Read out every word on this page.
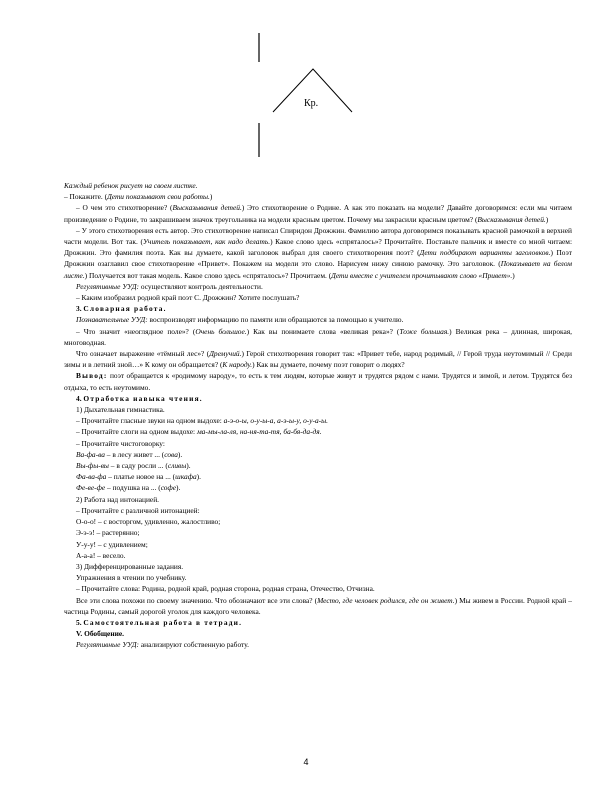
Кр.

Каждый ребенок рисует на своем листке.

– Покажите. (Дети показывают свои работы.)

– О чем это стихотворение? (Высказывания детей.) Это стихотворение о Родине. А как это показать на модели? Давайте договоримся: если мы читаем произведение о Родине, то закрашиваем значок треугольника на модели красным цветом. Почему мы закрасили красным цветом? (Высказывания детей.)

– У этого стихотворения есть автор. Это стихотворение написал Спиридон Дрожжин. Фамилию автора договоримся показывать красной рамочкой в верхней части модели. Вот так. (Учитель показывает, как надо делать.) Какое слово здесь «спряталось»? Прочитайте. Поставьте пальчик и вместе со мной читаем: Дрожжин. Это фамилия поэта. Как вы думаете, какой заголовок выбрал для своего стихотворения поэт? (Дети подбирают варианты заголовков.) Поэт Дрожжин озаглавил свое стихотворение «Привет». Покажем на модели это слово. Нарисуем нижу синюю рамочку. Это заголовок. (Показывает на белом листе.) Получается вот такая модель. Какое слово здесь «спряталось»? Прочитаем. (Дети вместе с учителем прочитывают слово «Привет».)

Регулятивные УУД: осуществляют контроль деятельности.

– Каким изобразил родной край поэт С. Дрожжин? Хотите послушать?

3. Словарная работа.

Познавательные УУД: воспроизводят информацию по памяти или обращаются за помощью к учителю.

– Что значит «неоглядное поле»? (Очень большое.) Как вы понимаете слова «великая река»? (Тоже большая.) Великая река – длинная, широкая, многоводная.

Что означает выражение «тёмный лес»? (Дремучий.) Герой стихотворения говорит так: «Привет тебе, народ родимый, // Герой труда неутомимый // Среди зимы и в летний зной…» К кому он обращается? (К народу.) Как вы думаете, почему поэт говорит о людях?

Вывод: поэт обращается к «родимому народу», то есть к тем людям, которые живут и трудятся рядом с нами. Трудятся и зимой, и летом. Трудятся без отдыха, то есть неутомимо.

4. Отработка навыка чтения.

1) Дыхательная гимнастика.

– Прочитайте гласные звуки на одном выдохе: а-э-о-ы, о-у-ы-а, а-э-ы-у, о-у-а-ы.

– Прочитайте слоги на одном выдохе: ма-мы-ла-ля, на-ня-та-тя, ба-бя-да-дя.

– Прочитайте чистоговорку:

Ва-фа-ва – в лесу живет ... (сова).

Вы-фы-вы – в саду росли ... (сливы).

Фа-ва-фа – платье новое на ... (шкафа).

Фе-ве-фе – подушка на ... (софе).

2) Работа над интонацией.

– Прочитайте с различной интонацией:

О-о-о! – с восторгом, удивленно, жалостливо;

Э-э-э! – растерянно;

У-у-у! – с удивлением;

А-а-а! – весело.

3) Дифференцированные задания.

Упражнения в чтении по учебнику.

– Прочитайте слова: Родина, родной край, родная сторона, родная страна, Отечество, Отчизна.

Все эти слова похожи по своему значению. Что обозначают все эти слова? (Место, где человек родился, где он живет.) Мы живем в России. Родной край – частица Родины, самый дорогой уголок для каждого человека.

5. Самостоятельная работа в тетради.

V. Обобщение.

Регулятивные УУД: анализируют собственную работу.

4
